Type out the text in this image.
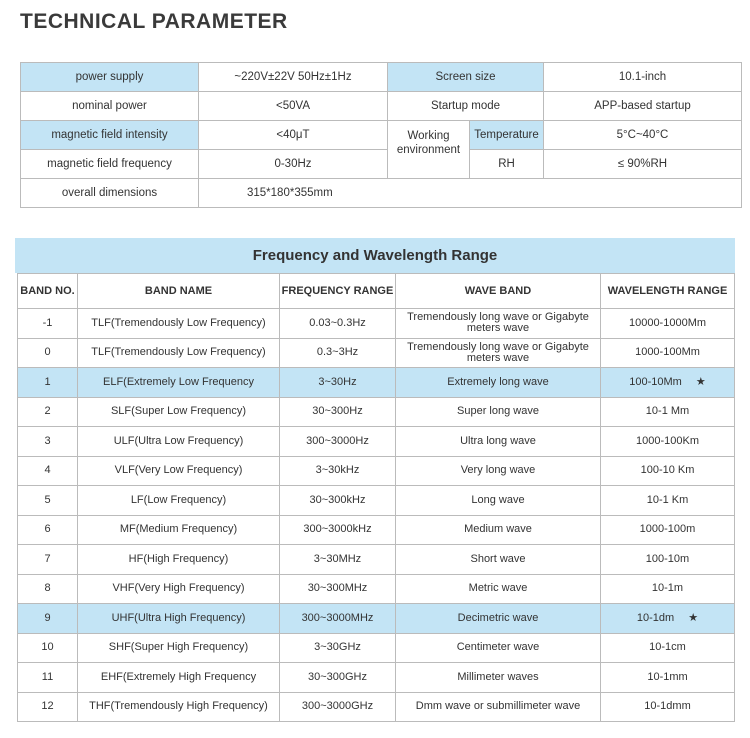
TECHNICAL PARAMETER
power supply	~220V±22V 50Hz±1Hz	Screen size		10.1-inch
nominal power	<50VA	Startup mode		APP-based startup
magnetic field intensity	<40μT	Working environment	Temperature	5°C~40°C
magnetic field frequency	0-30Hz		RH	≤ 90%RH
overall dimensions	315*180*355mm			
Frequency and Wavelength Range
BAND NO.	BAND NAME	FREQUENCY RANGE	WAVE BAND	WAVELENGTH RANGE
-1	TLF(Tremendously Low Frequency)	0.03~0.3Hz	Tremendously long wave or Gigabyte meters wave	10000-1000Mm
0	TLF(Tremendously Low Frequency)	0.3~3Hz	Tremendously long wave or Gigabyte meters wave	1000-100Mm
1	ELF(Extremely Low Frequency	3~30Hz	Extremely long wave	100-10Mm ★
2	SLF(Super Low Frequency)	30~300Hz	Super long wave	10-1 Mm
3	ULF(Ultra Low Frequency)	300~3000Hz	Ultra long wave	1000-100Km
4	VLF(Very Low Frequency)	3~30kHz	Very long wave	100-10 Km
5	LF(Low Frequency)	30~300kHz	Long wave	10-1 Km
6	MF(Medium Frequency)	300~3000kHz	Medium wave	1000-100m
7	HF(High Frequency)	3~30MHz	Short wave	100-10m
8	VHF(Very High Frequency)	30~300MHz	Metric wave	10-1m
9	UHF(Ultra High Frequency)	300~3000MHz	Decimetric wave	10-1dm ★
10	SHF(Super High Frequency)	3~30GHz	Centimeter wave	10-1cm
11	EHF(Extremely High Frequency	30~300GHz	Millimeter waves	10-1mm
12	THF(Tremendously High Frequency)	300~3000GHz	Dmm wave or submillimeter wave	10-1dmm
